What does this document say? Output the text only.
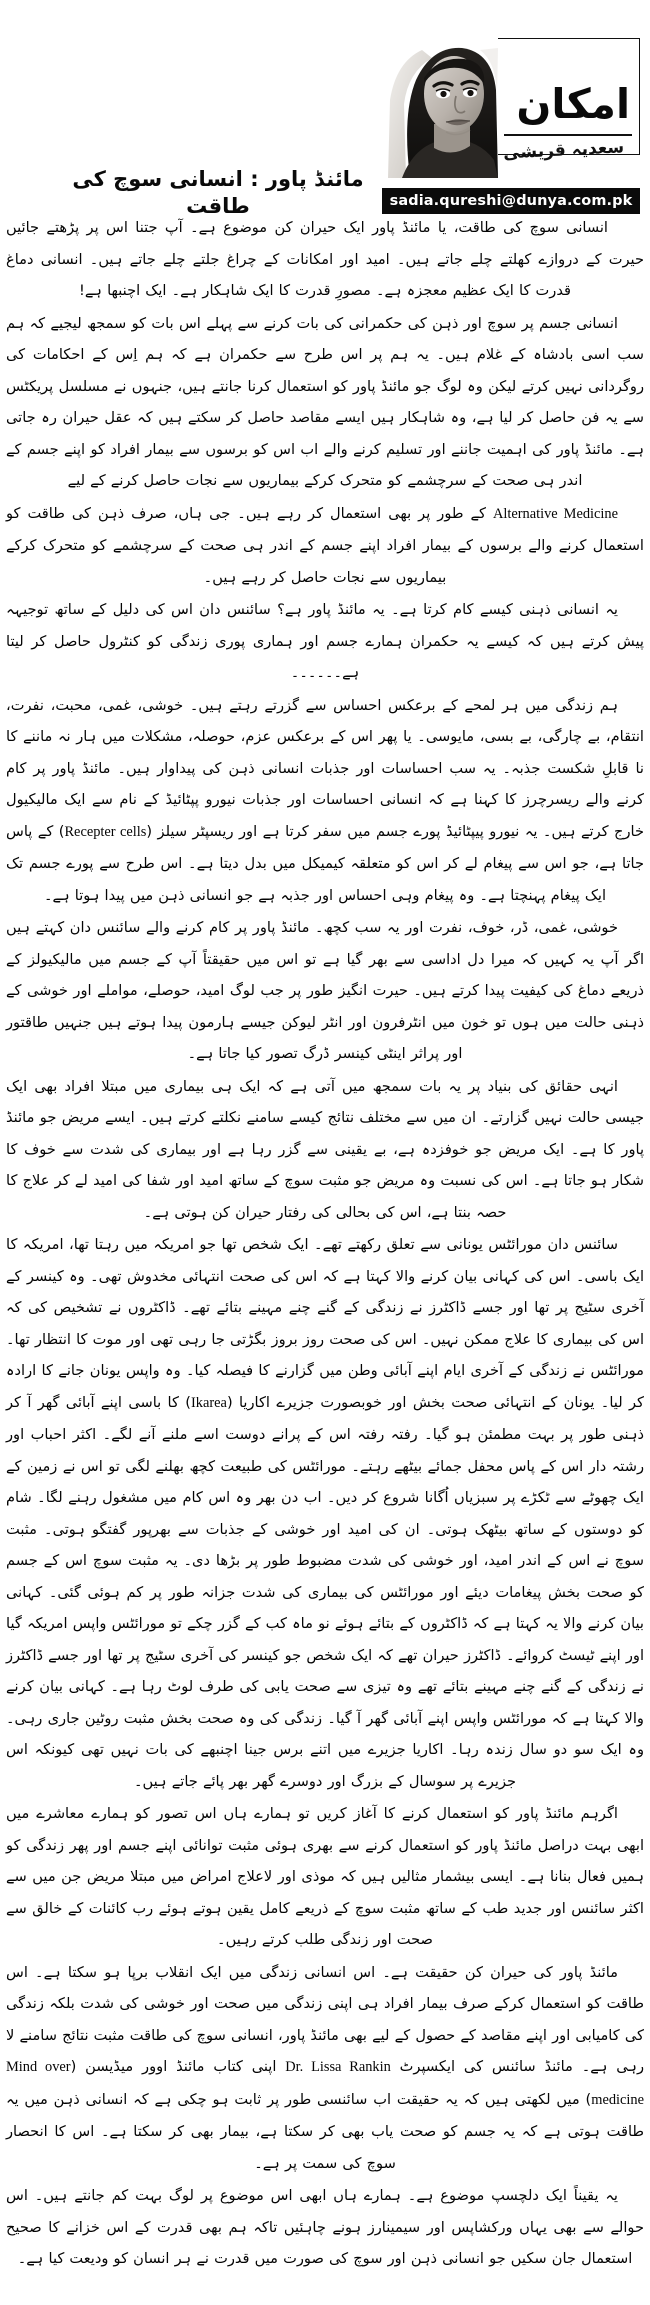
امکان
سعدیہ قریشی
sadia.qureshi@dunya.com.pk
مائنڈ پاور : انسانی سوچ کی طاقت

انسانی سوچ کی طاقت، یا مائنڈ پاور ایک حیران کن موضوع ہے۔ آپ جتنا اس پر پڑھتے جائیں حیرت کے دروازے کھلتے چلے جاتے ہیں۔ امید اور امکانات کے چراغ جلتے چلے جاتے ہیں۔ انسانی دماغ قدرت کا ایک عظیم معجزہ ہے۔ مصورِ قدرت کا ایک شاہکار ہے۔ ایک اچنبھا ہے!

انسانی جسم پر سوچ اور ذہن کی حکمرانی کی بات کرنے سے پہلے اس بات کو سمجھ لیجیے کہ ہم سب اسی بادشاہ کے غلام ہیں۔ یہ ہم پر اس طرح سے حکمران ہے کہ ہم اِس کے احکامات کی روگردانی نہیں کرتے لیکن وہ لوگ جو مائنڈ پاور کو استعمال کرنا جانتے ہیں، جنہوں نے مسلسل پریکٹس سے یہ فن حاصل کر لیا ہے، وہ شاہکار ہیں ایسے مقاصد حاصل کر سکتے ہیں کہ عقل حیران رہ جاتی ہے۔ مائنڈ پاور کی اہمیت جاننے اور تسلیم کرنے والے اب اس کو برسوں سے بیمار افراد کو اپنے جسم کے اندر ہی صحت کے سرچشمے کو متحرک کرکے بیماریوں سے نجات حاصل کرنے کے لیے

Alternative Medicine کے طور پر بھی استعمال کر رہے ہیں۔ جی ہاں، صرف ذہن کی طاقت کو استعمال کرنے والے برسوں کے بیمار افراد اپنے جسم کے اندر ہی صحت کے سرچشمے کو متحرک کرکے بیماریوں سے نجات حاصل کر رہے ہیں۔

یہ انسانی ذہنی کیسے کام کرتا ہے۔ یہ مائنڈ پاور ہے؟ سائنس دان اس کی دلیل کے ساتھ توجیہہ پیش کرتے ہیں کہ کیسے یہ حکمران ہمارے جسم اور ہماری پوری زندگی کو کنٹرول حاصل کر لیتا ہے۔۔۔۔۔۔

ہم زندگی میں ہر لمحے کے برعکس احساس سے گزرتے رہتے ہیں۔ خوشی، غمی، محبت، نفرت، انتقام، بے چارگی، بے بسی، مایوسی۔ یا پھر اس کے برعکس عزم، حوصلہ، مشکلات میں ہار نہ ماننے کا نا قابلِ شکست جذبہ۔ یہ سب احساسات اور جذبات انسانی ذہن کی پیداوار ہیں۔ مائنڈ پاور پر کام کرنے والے ریسرچرز کا کہنا ہے کہ انسانی احساسات اور جذبات نیورو پپٹائیڈ کے نام سے ایک مالیکیول خارج کرتے ہیں۔ یہ نیورو پیپٹائیڈ پورے جسم میں سفر کرتا ہے اور ریسپٹر سیلز (Recepter cells) کے پاس جاتا ہے، جو اس سے پیغام لے کر اس کو متعلقہ کیمیکل میں بدل دیتا ہے۔ اس طرح سے پورے جسم تک ایک پیغام پہنچتا ہے۔ وہ پیغام وہی احساس اور جذبہ ہے جو انسانی ذہن میں پیدا ہوتا ہے۔

خوشی، غمی، ڈر، خوف، نفرت اور یہ سب کچھ۔ مائنڈ پاور پر کام کرنے والے سائنس دان کہتے ہیں اگر آپ یہ کہیں کہ میرا دل اداسی سے بھر گیا ہے تو اس میں حقیقتاً آپ کے جسم میں مالیکیولز کے ذریعے دماغ کی کیفیت پیدا کرتے ہیں۔ حیرت انگیز طور پر جب لوگ امید، حوصلے، مواملے اور خوشی کے ذہنی حالت میں ہوں تو خون میں انٹرفرون اور انٹر لیوکن جیسے ہارمون پیدا ہوتے ہیں جنہیں طاقتور اور پراثر اینٹی کینسر ڈرگ تصور کیا جاتا ہے۔

انہی حقائق کی بنیاد پر یہ بات سمجھ میں آتی ہے کہ ایک ہی بیماری میں مبتلا افراد بھی ایک جیسی حالت نہیں گزارتے۔ ان میں سے مختلف نتائج کیسے سامنے نکلتے کرتے ہیں۔ ایسے مریض جو مائنڈ پاور کا ہے۔ ایک مریض جو خوفزدہ ہے، بے یقینی سے گزر رہا ہے اور بیماری کی شدت سے خوف کا شکار ہو جاتا ہے۔ اس کی نسبت وہ مریض جو مثبت سوچ کے ساتھ امید اور شفا کی امید لے کر علاج کا حصہ بنتا ہے، اس کی بحالی کی رفتار حیران کن ہوتی ہے۔

سائنس دان مورائٹس یونانی سے تعلق رکھتے تھے۔ ایک شخص تھا جو امریکہ میں رہتا تھا، امریکہ کا ایک باسی۔ اس کی کہانی بیان کرنے والا کہتا ہے کہ اس کی صحت انتہائی مخدوش تھی۔ وہ کینسر کے آخری سٹیج پر تھا اور جسے ڈاکٹرز نے زندگی کے گنے چنے مہینے بتائے تھے۔ ڈاکٹروں نے تشخیص کی کہ اس کی بیماری کا علاج ممکن نہیں۔ اس کی صحت روز بروز بگڑتی جا رہی تھی اور موت کا انتظار تھا۔ مورائٹس نے زندگی کے آخری ایام اپنے آبائی وطن میں گزارنے کا فیصلہ کیا۔ وہ واپس یونان جانے کا ارادہ کر لیا۔ یونان کے انتہائی صحت بخش اور خوبصورت جزیرے اکاریا (Ikarea) کا باسی اپنے آبائی گھر آ کر ذہنی طور پر بہت مطمئن ہو گیا۔ رفتہ رفتہ اس کے پرانے دوست اسے ملنے آنے لگے۔ اکثر احباب اور رشتہ دار اس کے پاس محفل جمائے بیٹھے رہتے۔ مورائٹس کی طبیعت کچھ بھلنے لگی تو اس نے زمین کے ایک چھوٹے سے ٹکڑے پر سبزیاں اُگانا شروع کر دیں۔ اب دن بھر وہ اس کام میں مشغول رہنے لگا۔ شام کو دوستوں کے ساتھ بیٹھک ہوتی۔ ان کی امید اور خوشی کے جذبات سے بھرپور گفتگو ہوتی۔ مثبت سوچ نے اس کے اندر امید، اور خوشی کی شدت مضبوط طور پر بڑھا دی۔ یہ مثبت سوچ اس کے جسم کو صحت بخش پیغامات دیئے اور مورائٹس کی بیماری کی شدت جزانہ طور پر کم ہوئی گئی۔ کہانی بیان کرنے والا یہ کہتا ہے کہ ڈاکٹروں کے بتائے ہوئے نو ماہ کب کے گزر چکے تو مورائٹس واپس امریکہ گیا اور اپنے ٹیسٹ کروائے۔ ڈاکٹرز حیران تھے کہ ایک شخص جو کینسر کی آخری سٹیج پر تھا اور جسے ڈاکٹرز نے زندگی کے گنے چنے مہینے بتائے تھے وہ تیزی سے صحت یابی کی طرف لوٹ رہا ہے۔ کہانی بیان کرنے والا کہتا ہے کہ مورائٹس واپس اپنے آبائی گھر آ گیا۔ زندگی کی وہ صحت بخش مثبت روٹین جاری رہی۔ وہ ایک سو دو سال زندہ رہا۔ اکاریا جزیرے میں اتنے برس جینا اچنبھے کی بات نہیں تھی کیونکہ اس جزیرے پر سوسال کے بزرگ اور دوسرے گھر بھر پائے جاتے ہیں۔

اگرہم مائنڈ پاور کو استعمال کرنے کا آغاز کریں تو ہمارے ہاں اس تصور کو ہمارے معاشرے میں ابھی بہت دراصل مائنڈ پاور کو استعمال کرنے سے بھری ہوئی مثبت توانائی اپنے جسم اور پھر زندگی کو ہمیں فعال بنانا ہے۔ ایسی بیشمار مثالیں ہیں کہ موذی اور لاعلاج امراض میں مبتلا مریض جن میں سے اکثر سائنس اور جدید طب کے ساتھ مثبت سوچ کے ذریعے کامل یقین ہوتے ہوئے رب کائنات کے خالق سے صحت اور زندگی طلب کرتے رہیں۔

مائنڈ پاور کی حیران کن حقیقت ہے۔ اس انسانی زندگی میں ایک انقلاب برپا ہو سکتا ہے۔ اس طاقت کو استعمال کرکے صرف بیمار افراد ہی اپنی زندگی میں صحت اور خوشی کی شدت بلکہ زندگی کی کامیابی اور اپنے مقاصد کے حصول کے لیے بھی مائنڈ پاور، انسانی سوچ کی طاقت مثبت نتائج سامنے لا رہی ہے۔ مائنڈ سائنس کی ایکسپرٹ Dr. Lissa Rankin اپنی کتاب مائنڈ اوور میڈیسن (Mind over medicine) میں لکھتی ہیں کہ یہ حقیقت اب سائنسی طور پر ثابت ہو چکی ہے کہ انسانی ذہن میں یہ طاقت ہوتی ہے کہ یہ جسم کو صحت یاب بھی کر سکتا ہے، بیمار بھی کر سکتا ہے۔ اس کا انحصار سوچ کی سمت پر ہے۔

یہ یقیناً ایک دلچسپ موضوع ہے۔ ہمارے ہاں ابھی اس موضوع پر لوگ بہت کم جانتے ہیں۔ اس حوالے سے بھی یہاں ورکشاپس اور سیمینارز ہونے چاہئیں تاکہ ہم بھی قدرت کے اس خزانے کا صحیح استعمال جان سکیں جو انسانی ذہن اور سوچ کی صورت میں قدرت نے ہر انسان کو ودیعت کیا ہے۔
